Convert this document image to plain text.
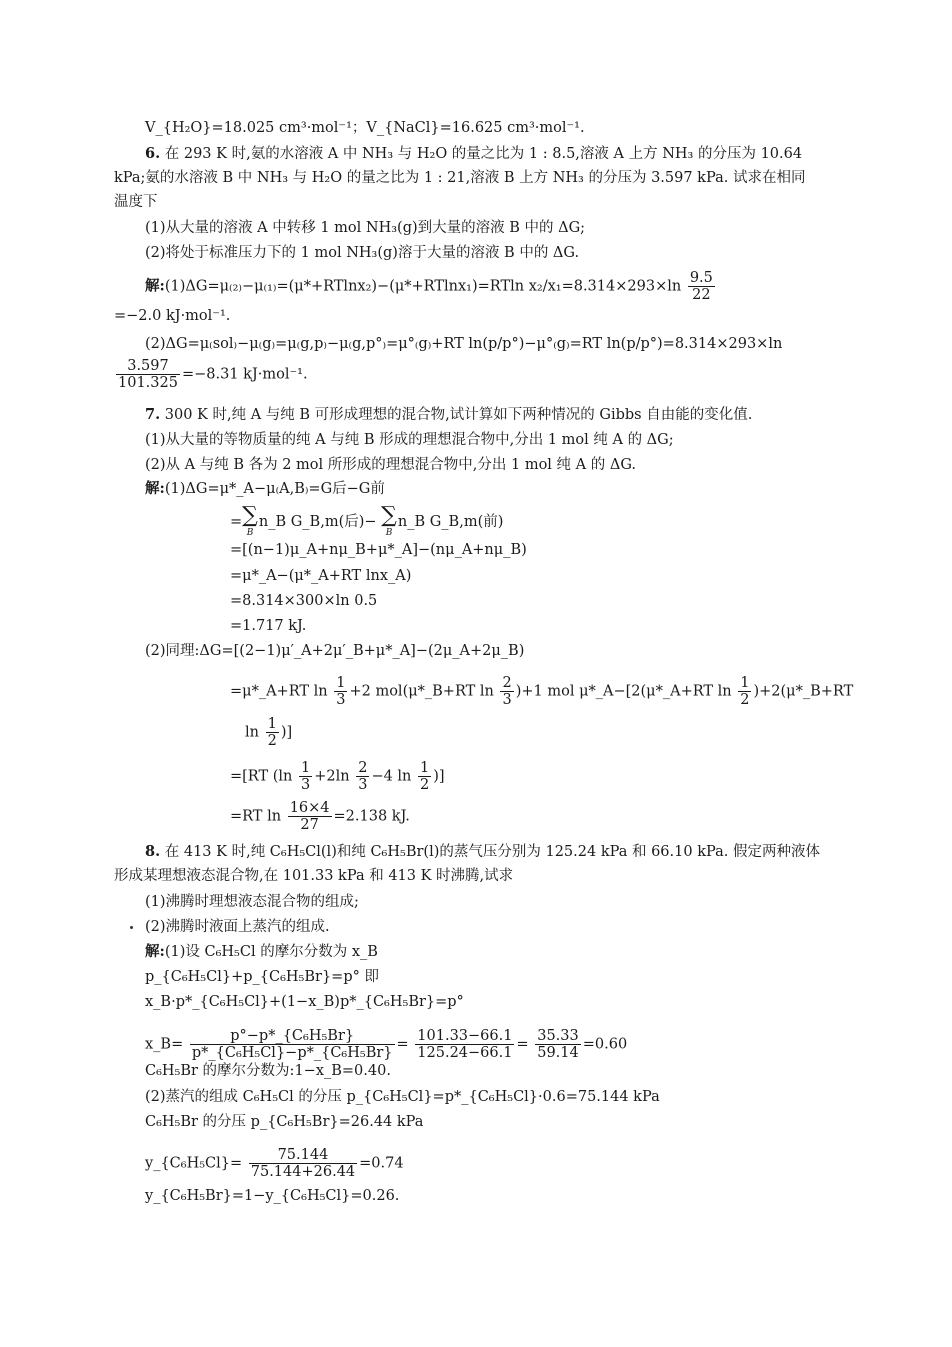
V_{H₂O}=18.025 cm³·mol⁻¹；V_{NaCl}=16.625 cm³·mol⁻¹.
6. 在 293 K 时,氨的水溶液 A 中 NH₃ 与 H₂O 的量之比为 1 : 8.5,溶液 A 上方 NH₃ 的分压为 10.64
kPa;氨的水溶液 B 中 NH₃ 与 H₂O 的量之比为 1 : 21,溶液 B 上方 NH₃ 的分压为 3.597 kPa. 试求在相同
温度下
(1)从大量的溶液 A 中转移 1 mol NH₃(g)到大量的溶液 B 中的 ΔG;
(2)将处于标准压力下的 1 mol NH₃(g)溶于大量的溶液 B 中的 ΔG.
解:(1)ΔG=μ₍₂₎−μ₍₁₎=(μ*+RTlnx₂)−(μ*+RTlnx₁)=RTln $x_2/x_1=8.314\times 293\times\ln \frac{9.5}{22}$
=−2.0 kJ·mol⁻¹.
(2)ΔG=μ₍sol₎−μ₍g₎=μ₍g,p₎−μ₍g,p°₎=μ°₍g₎+RT ln(p/p°)−μ°₍g₎=RT ln(p/p°)=8.314×293×ln
$\frac{3.597}{101.325} =-8.31$ kJ·mol⁻¹.
7. 300 K 时,纯 A 与纯 B 可形成理想的混合物,试计算如下两种情况的 Gibbs 自由能的变化值.
(1)从大量的等物质量的纯 A 与纯 B 形成的理想混合物中,分出 1 mol 纯 A 的 ΔG;
(2)从 A 与纯 B 各为 2 mol 所形成的理想混合物中,分出 1 mol 纯 A 的 ΔG.
解:(1)ΔG=μ*_A−μ₍A,B₎=G后−G前
= ∑
B
n_B G_B,m(后)− ∑
B
n_B G_B,m(前)
=[(n−1)μ_A+nμ_B+μ*_A]−(nμ_A+nμ_B)
=μ*_A−(μ*_A+RT lnx_A)
=8.314×300×ln 0.5
=1.717 kJ.
(2)同理:ΔG=[(2−1)μ′_A+2μ′_B+μ*_A]−(2μ_A+2μ_B)
=μ*_A+RT $\ln \frac{1}{3} +2$ mol(μ*_B+RT $\ln \frac{2}{3} )+1$ mol μ*_A−[2(μ*_A+RT $\ln \frac{1}{2}$ )+2(μ*_B+RT
$\ln \frac{1}{2}$ )]
=[RT ($\ln \frac{1}{3} +2\ln \frac{2}{3} -4$ $\ln \frac{1}{2}$ )]
=RT $\ln \frac{16\times 4}{27} =2.138$ kJ.
8. 在 413 K 时,纯 C₆H₅Cl(l)和纯 C₆H₅Br(l)的蒸气压分别为 125.24 kPa 和 66.10 kPa. 假定两种液体
形成某理想液态混合物,在 101.33 kPa 和 413 K 时沸腾,试求
(1)沸腾时理想液态混合物的组成;
(2)沸腾时液面上蒸汽的组成.
解:(1)设 C₆H₅Cl 的摩尔分数为 x_B
p_{C₆H₅Cl}+p_{C₆H₅Br}=p° 即
x_B·p*_{C₆H₅Cl}+(1−x_B)p*_{C₆H₅Br}=p°
x_B= $\frac{\text{p°−p*\_\{C₆H₅Br\}}}{\text{p*\_\{C₆H₅Cl\}−p*\_\{C₆H₅Br\}}} = \frac{101.33-66.1}{125.24-66.1} = \frac{35.33}{59.14} =0.60$
C₆H₅Br 的摩尔分数为:1−x_B=0.40.
(2)蒸汽的组成 C₆H₅Cl 的分压 p_{C₆H₅Cl}=p*_{C₆H₅Cl}·0.6=75.144 kPa
C₆H₅Br 的分压 p_{C₆H₅Br}=26.44 kPa
y_{C₆H₅Cl}= $\frac{75.144}{75.144+26.44} =0.74$
y_{C₆H₅Br}=1−y_{C₆H₅Cl}=0.26.
